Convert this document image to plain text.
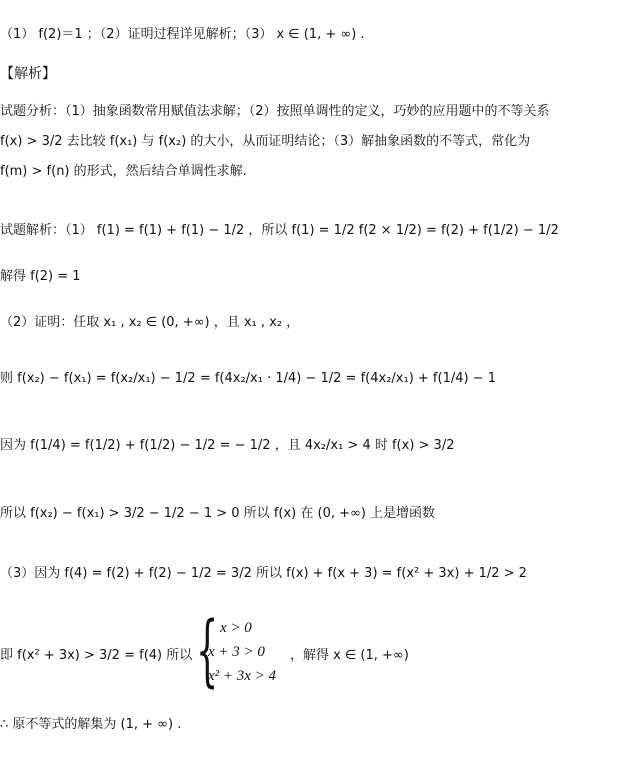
（1） f(2)＝1 ；（2）证明过程详见解析；（3） x ∈ (1, + ∞) .
【解析】
试题分析：（1）抽象函数常用赋值法求解；（2）按照单调性的定义，巧妙的应用题中的不等关系
f(x) > 3/2 去比较 f(x₁) 与 f(x₂) 的大小，从而证明结论；（3）解抽象函数的不等式，常化为
f(m) > f(n) 的形式，然后结合单调性求解.
试题解析：（1） f(1) = f(1) + f(1) − 1/2 ，所以 f(1) = 1/2 f(2 × 1/2) = f(2) + f(1/2) − 1/2
解得 f(2) = 1
（2）证明：任取 x₁ , x₂ ∈ (0, +∞) ，且 x₁ , x₂ ，
则 f(x₂) − f(x₁) = f(x₂/x₁) − 1/2 = f(4x₂/x₁ · 1/4) − 1/2 = f(4x₂/x₁) + f(1/4) − 1
因为 f(1/4) = f(1/2) + f(1/2) − 1/2 = − 1/2 ，且 4x₂/x₁ > 4 时 f(x) > 3/2
所以 f(x₂) − f(x₁) > 3/2 − 1/2 − 1 > 0 所以 f(x) 在 (0, +∞) 上是增函数
（3）因为 f(4) = f(2) + f(2) − 1/2 = 3/2 所以 f(x) + f(x + 3) = f(x² + 3x) + 1/2 > 2
即 f(x² + 3x) > 3/2 = f(4) 所以 { x > 0
x + 3 > 0
x² + 3x > 4
，解得 x ∈ (1, +∞)
∴ 原不等式的解集为 (1, + ∞) .
